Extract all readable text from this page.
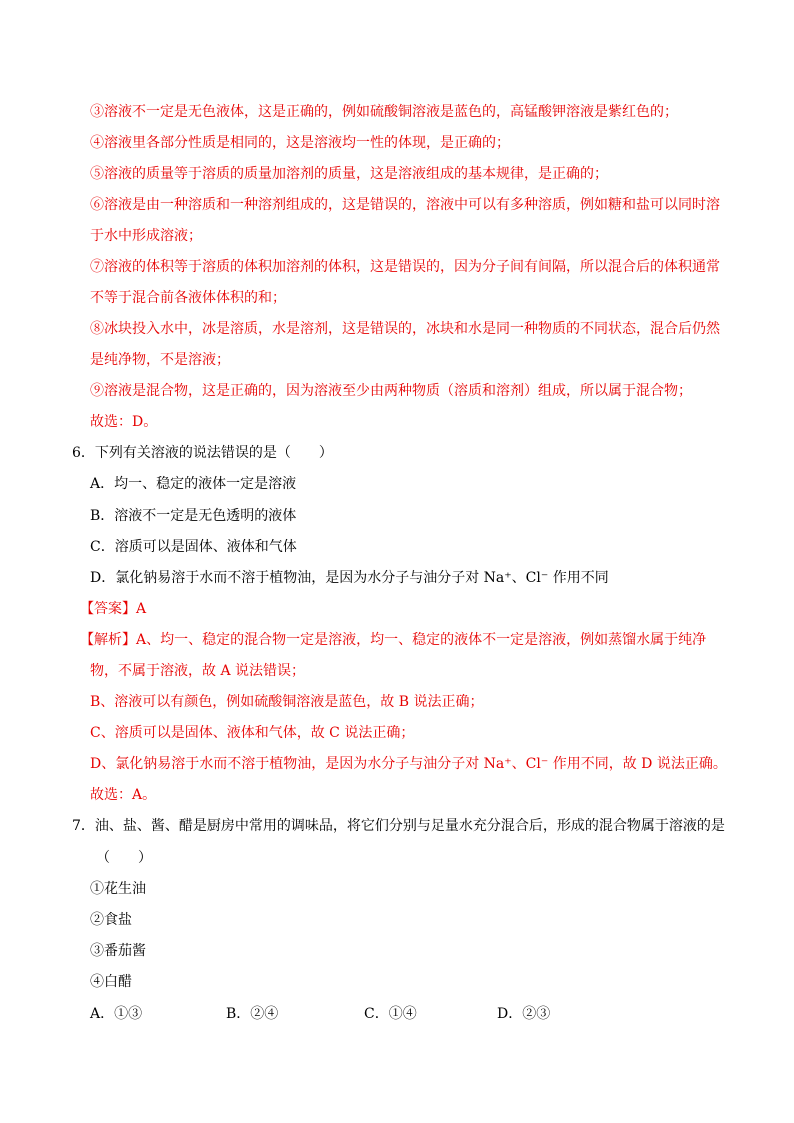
③溶液不一定是无色液体，这是正确的，例如硫酸铜溶液是蓝色的，高锰酸钾溶液是紫红色的；
④溶液里各部分性质是相同的，这是溶液均一性的体现，是正确的；
⑤溶液的质量等于溶质的质量加溶剂的质量，这是溶液组成的基本规律，是正确的；
⑥溶液是由一种溶质和一种溶剂组成的，这是错误的，溶液中可以有多种溶质，例如糖和盐可以同时溶
于水中形成溶液；
⑦溶液的体积等于溶质的体积加溶剂的体积，这是错误的，因为分子间有间隔，所以混合后的体积通常
不等于混合前各液体体积的和；
⑧冰块投入水中，冰是溶质，水是溶剂，这是错误的，冰块和水是同一种物质的不同状态，混合后仍然
是纯净物，不是溶液；
⑨溶液是混合物，这是正确的，因为溶液至少由两种物质（溶质和溶剂）组成，所以属于混合物；
故选：D。
6．下列有关溶液的说法错误的是（　　）
A．均一、稳定的液体一定是溶液
B．溶液不一定是无色透明的液体
C．溶质可以是固体、液体和气体
D．氯化钠易溶于水而不溶于植物油，是因为水分子与油分子对 Na⁺、Cl⁻ 作用不同
【答案】A
【解析】A、均一、稳定的混合物一定是溶液，均一、稳定的液体不一定是溶液，例如蒸馏水属于纯净
物，不属于溶液，故 A 说法错误；
B、溶液可以有颜色，例如硫酸铜溶液是蓝色，故 B 说法正确；
C、溶质可以是固体、液体和气体，故 C 说法正确；
D、氯化钠易溶于水而不溶于植物油，是因为水分子与油分子对 Na⁺、Cl⁻ 作用不同，故 D 说法正确。
故选：A。
7．油、盐、酱、醋是厨房中常用的调味品，将它们分别与足量水充分混合后，形成的混合物属于溶液的是
（　　）
①花生油
②食盐
③番茄酱
④白醋
A．①③	B．②④	C．①④	D．②③
